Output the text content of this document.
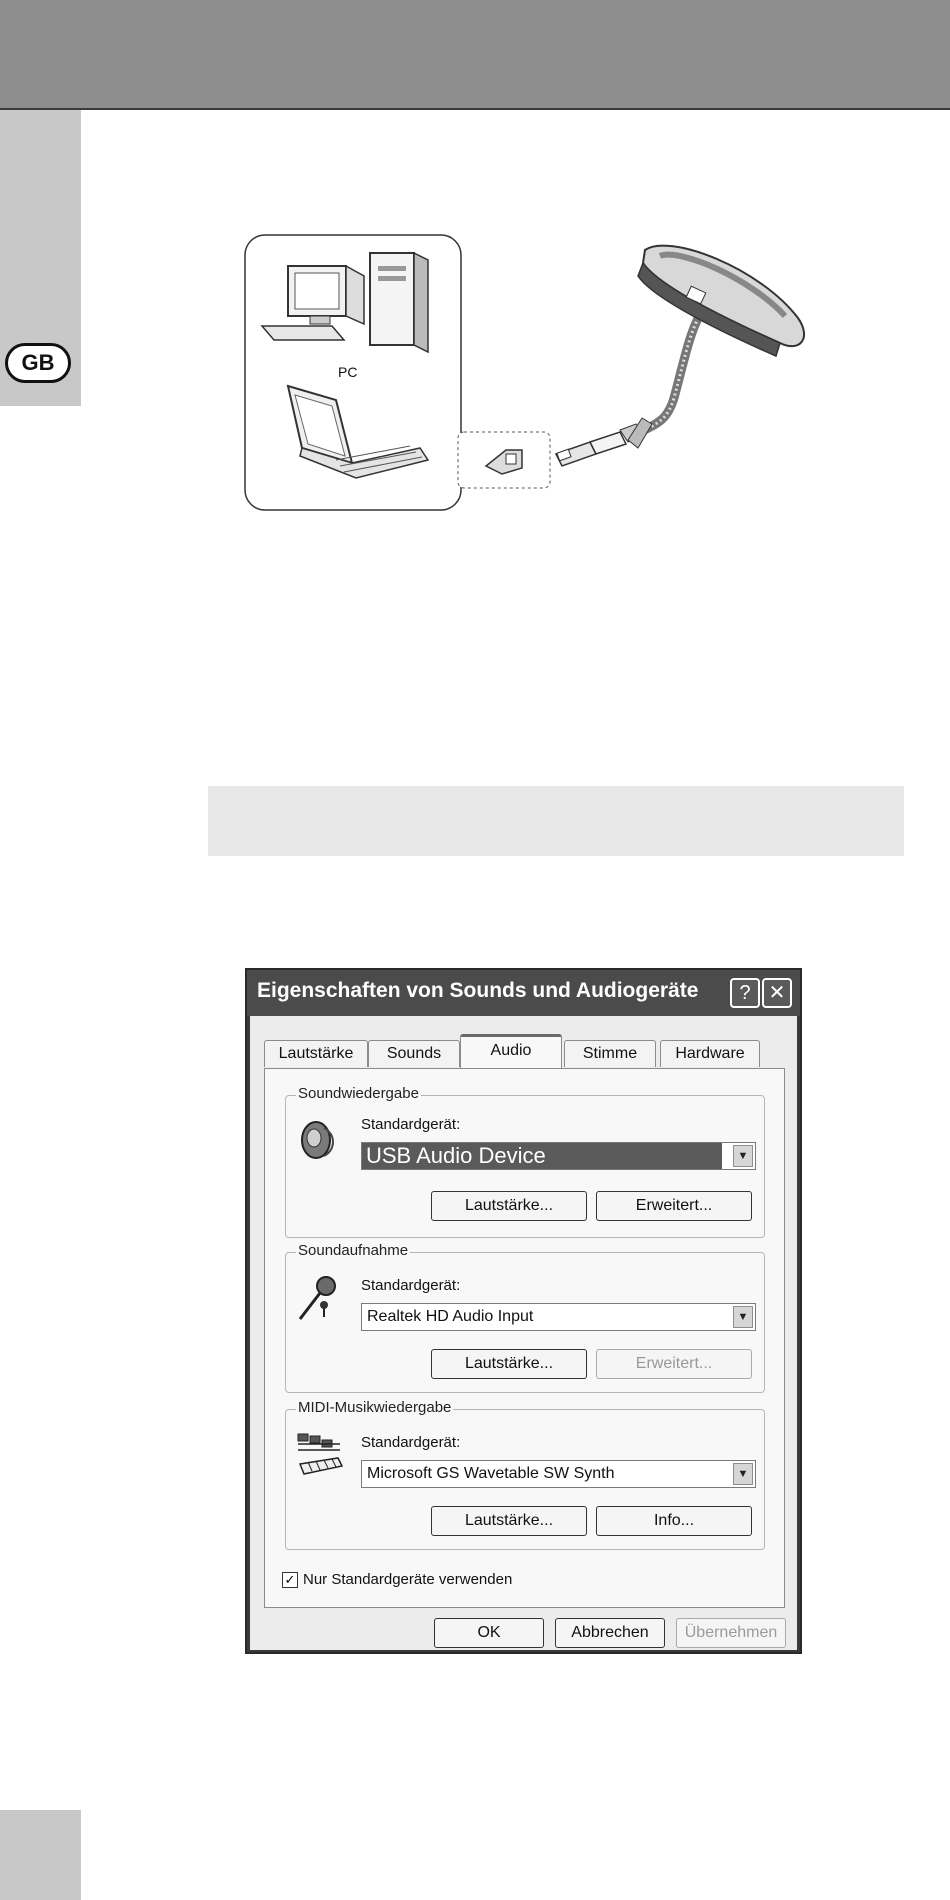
GB	PC
Eigenschaften von Sounds und Audiogeräte	? ✕
Lautstärke	Sounds	Audio	Stimme	Hardware
Soundwiedergabe
Standardgerät:
USB Audio Device	▼
Lautstärke...	Erweitert...
Soundaufnahme
Standardgerät:
Realtek HD Audio Input	▼
Lautstärke...	Erweitert...
MIDI-Musikwiedergabe
Standardgerät:
Microsoft GS Wavetable SW Synth	▼
Lautstärke...	Info...
✓ Nur Standardgeräte verwenden
OK	Abbrechen	Übernehmen
